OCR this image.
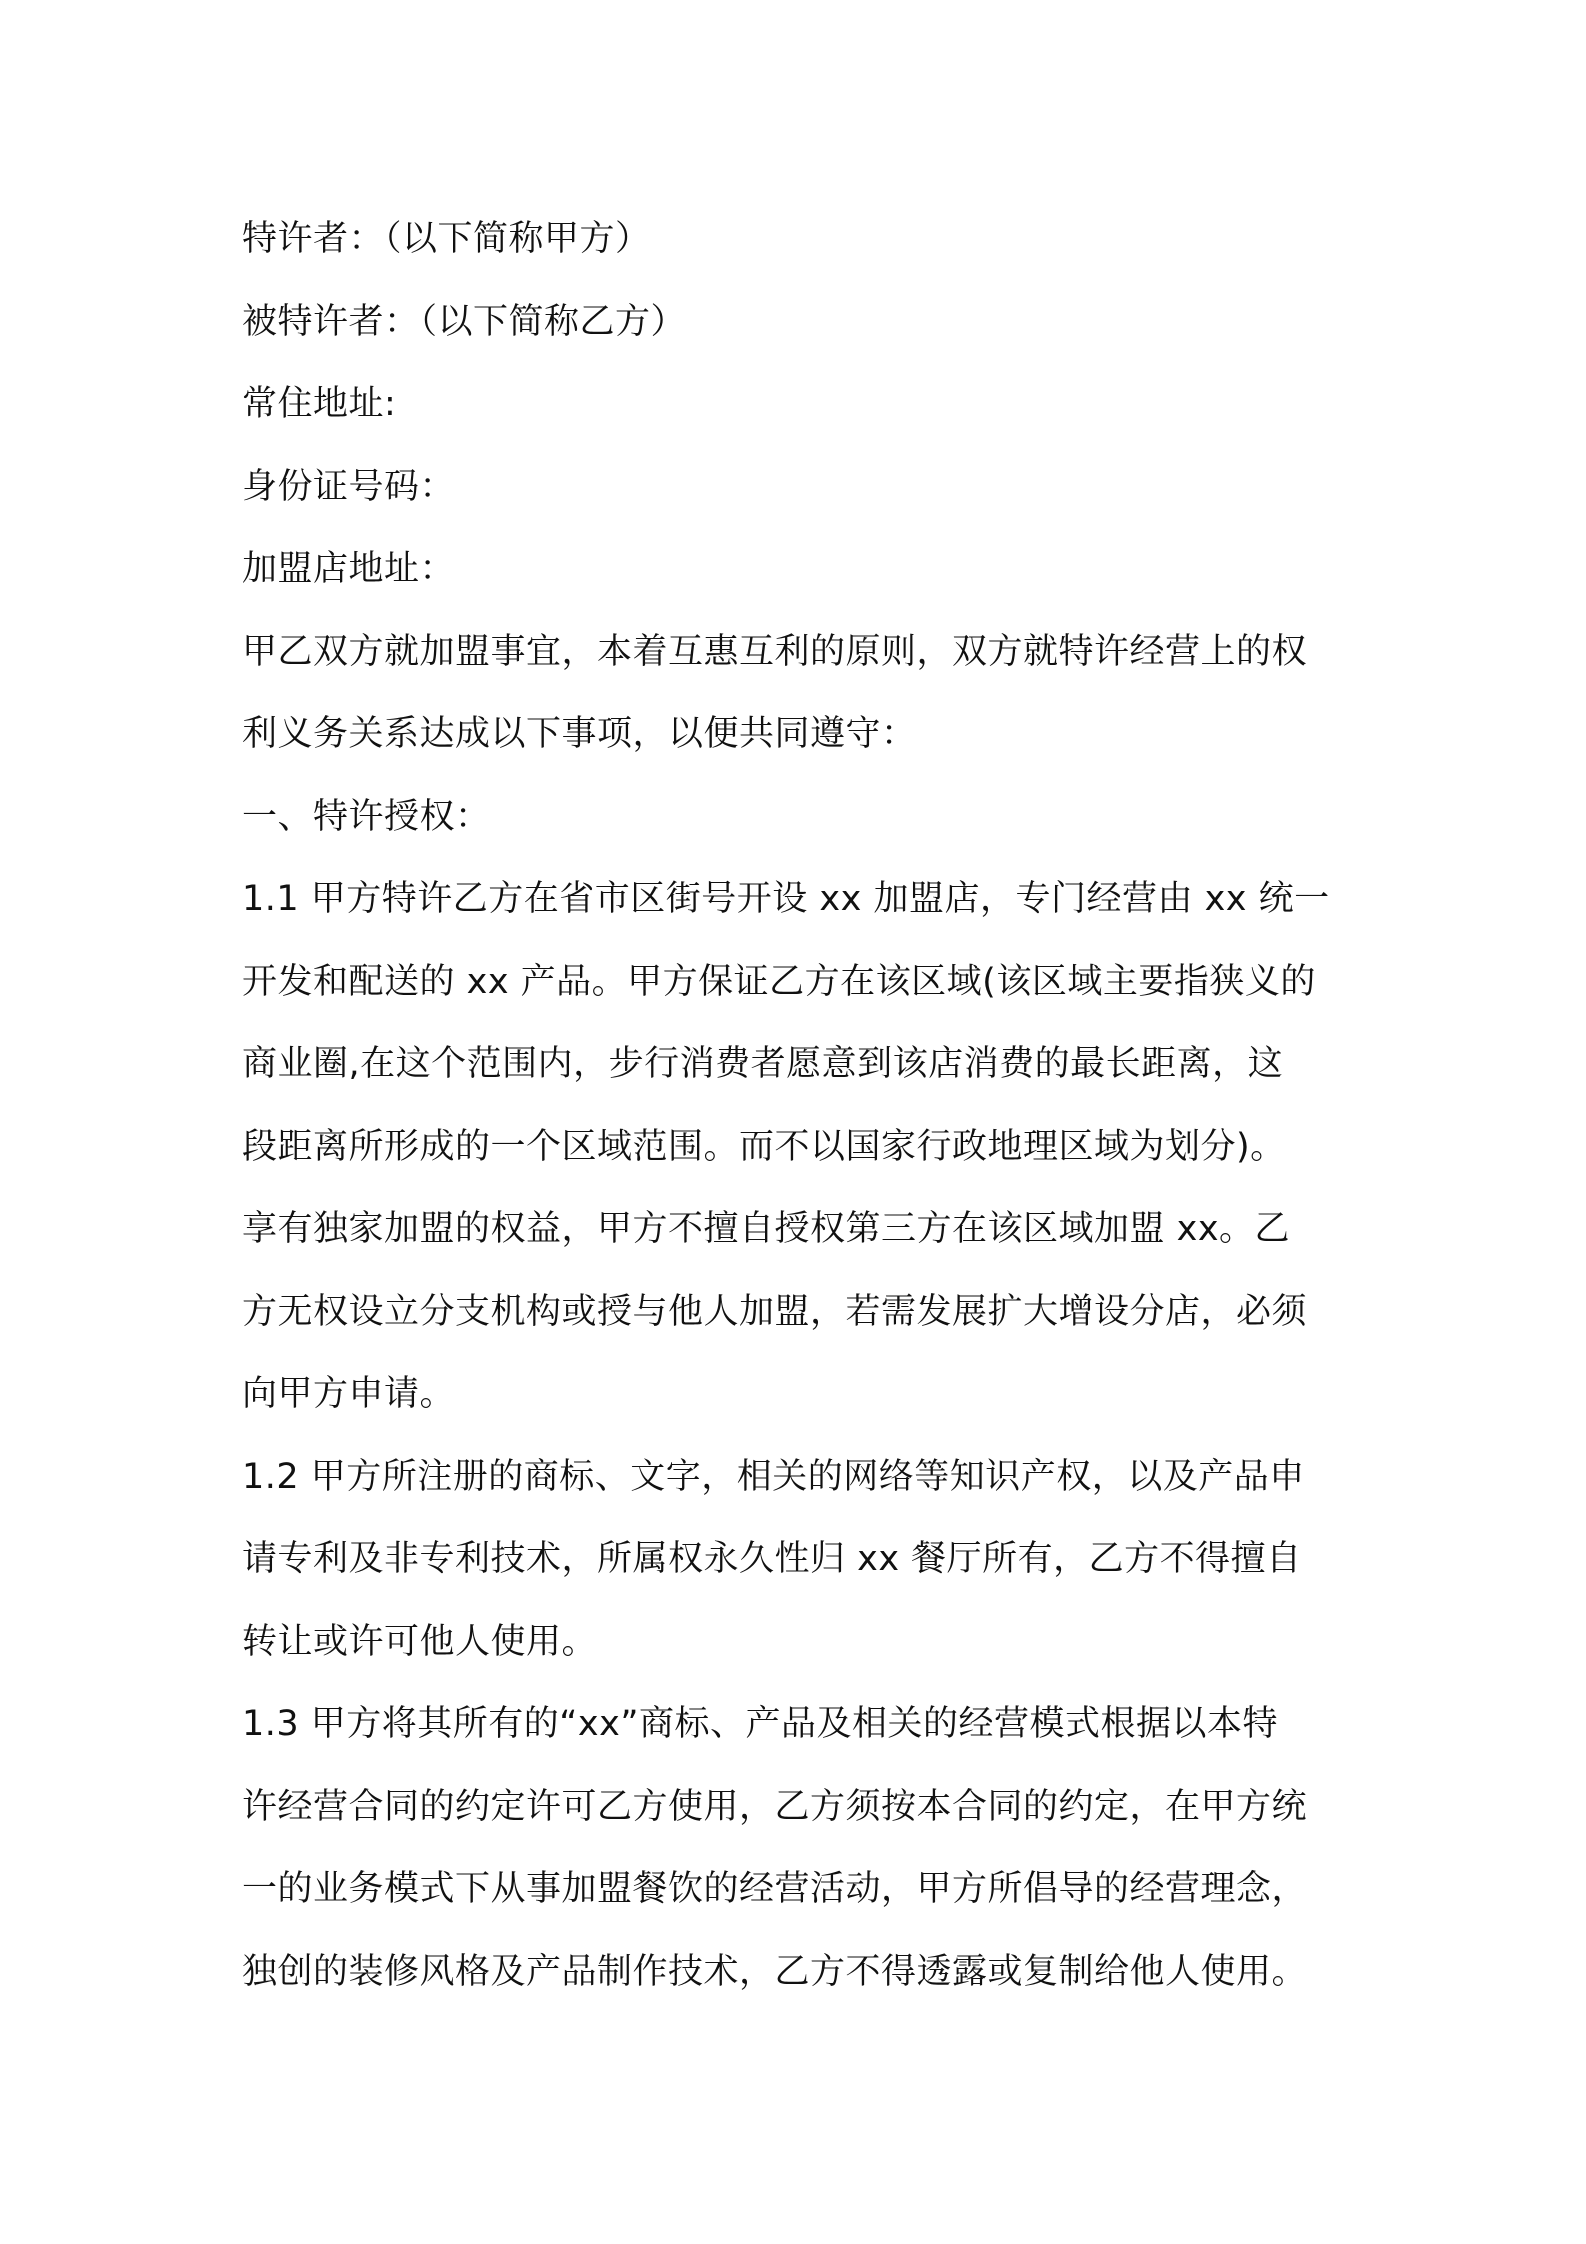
特许者：（以下简称甲方）
被特许者：（以下简称乙方）
常住地址:
身份证号码：
加盟店地址：
甲乙双方就加盟事宜，本着互惠互利的原则，双方就特许经营上的权
利义务关系达成以下事项，以便共同遵守：
一、特许授权：
1.1 甲方特许乙方在省市区街号开设 xx 加盟店，专门经营由 xx 统一
开发和配送的 xx 产品。甲方保证乙方在该区域(该区域主要指狭义的
商业圈,在这个范围内，步行消费者愿意到该店消费的最长距离，这
段距离所形成的一个区域范围。而不以国家行政地理区域为划分)。
享有独家加盟的权益，甲方不擅自授权第三方在该区域加盟 xx。乙
方无权设立分支机构或授与他人加盟，若需发展扩大增设分店，必须
向甲方申请。
1.2 甲方所注册的商标、文字，相关的网络等知识产权，以及产品申
请专利及非专利技术，所属权永久性归 xx 餐厅所有，乙方不得擅自
转让或许可他人使用。
1.3 甲方将其所有的“xx”商标、产品及相关的经营模式根据以本特
许经营合同的约定许可乙方使用，乙方须按本合同的约定，在甲方统
一的业务模式下从事加盟餐饮的经营活动，甲方所倡导的经营理念，
独创的装修风格及产品制作技术，乙方不得透露或复制给他人使用。
